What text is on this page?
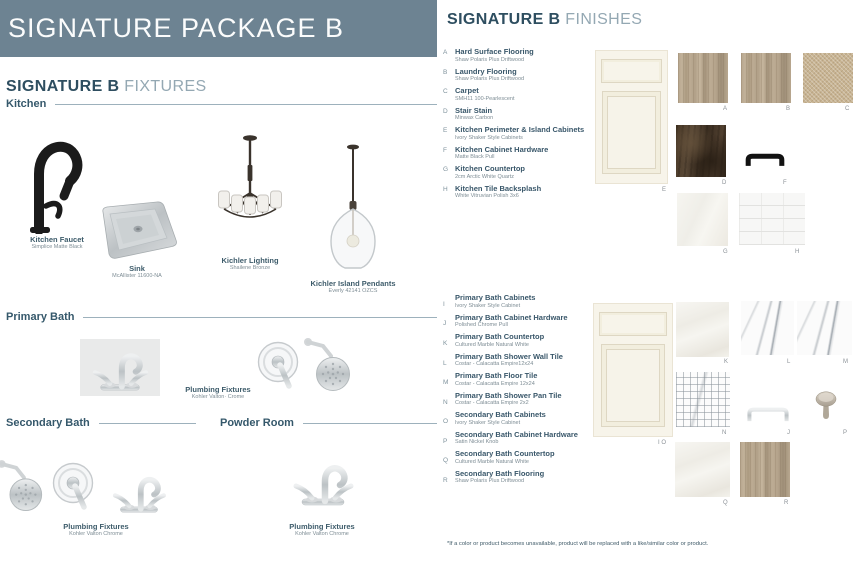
SIGNATURE PACKAGE B
SIGNATURE B FIXTURES
Kitchen
Kitchen Faucet
Simplice Matte Black
Sink
McAllister 11600-NA
Kichler Lighting
Shailene Bronze
Kichler Island Pendants
Everly 42141 OZCS
Primary Bath
Plumbing Fixtures
Kohler Valton· Crome
Secondary Bath
Plumbing Fixtures
Kohler Valton Chrome
Powder Room
Plumbing Fixtures
Kohler Valton Chrome
SIGNATURE B FINISHES
A	Hard Surface Flooring
Shaw Polaris Plus Driftwood
B	Laundry Flooring
Shaw Polaris Plus Driftwood
C Carpet
SMH11 100-Pearlescent
D Stair Stain
Minwax Carbon
E	Kitchen Perimeter & Island Cabinets
Ivory Shaker Style Cabinets
F	Kitchen Cabinet Hardware
Matte Black Pull
G Kitchen Countertop
2cm Arctic White Quartz
H Kitchen Tile Backsplash
White Vitruvian Polish 3x6
I
Primary Bath Cabinets
Ivory Shaker Style Cabinet
J
Primary Bath Cabinet Hardware
Polished Chrome Pull
K
Primary Bath Countertop
Cultured Marble Natural White
L
Primary Bath Shower Wall Tile
Costar - Calacatta Empire12x24
M
Primary Bath Floor Tile
Costar - Calacatta Empire 12x24
N
Primary Bath Shower Pan Tile
Costar - Calacatta Empire 2x2
O
Secondary Bath Cabinets
Ivory Shaker Style Cabinet
P
Secondary Bath Cabinet Hardware
Satin Nickel Knob
Q
Secondary Bath Countertop
Cultured Marble Natural White
R
Secondary Bath Flooring
Shaw Polaris Plus Driftwood
E
A	B	C
D	F
G	H
I O
K	L	M
N	J	P
Q	R
*If a color or product becomes unavailable, product will be replaced with a like/similar color or product.
